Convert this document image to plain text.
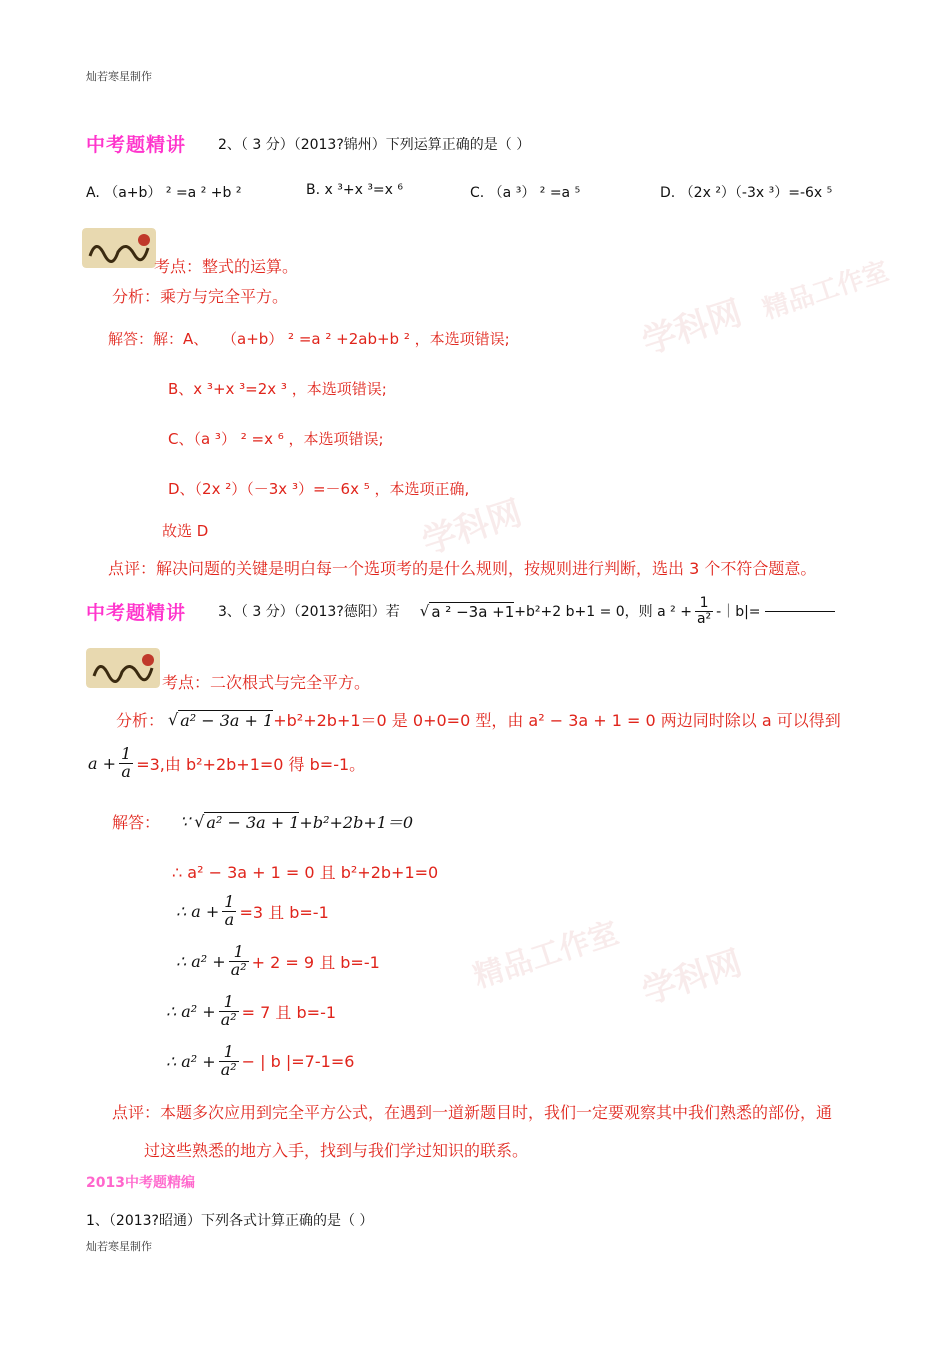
学科网
精品工作室
学科网
精品工作室 学科网
灿若寒星制作
中考题精讲 2、（ 3 分）（2013?锦州）下列运算正确的是（ ）
A. （a+b） ² =a ² +b ²	B. x ³+x ³=x ⁶	C. （a ³） ² =a ⁵	D. （2x ²）（-3x ³）=-6x ⁵
考点：整式的运算。
分析：乘方与完全平方。
解答：解：A、 （a+b） ² =a ² +2ab+b ² ，本选项错误;
B、x ³+x ³=2x ³ ，本选项错误;
C、（a ³） ² =x ⁶ ，本选项错误;
D、（2x ²）（－3x ³）=－6x ⁵ ，本选项正确,
故选 D
点评：解决问题的关键是明白每一个选项考的是什么规则，按规则进行判断，选出 3 个不符合题意。
中考题精讲 3、（ 3 分）（2013?德阳）若 √ a ² −3a +1 +b²+2 b+1 = 0，则 a $^2 + \frac{1}{\text{a²}}$ -｜b|=
考点：二次根式与完全平方。
分析： √ a² − 3a + 1 +b²+2b+1＝0 是 0+0=0 型，由 a² − 3a + 1 = 0 两边同时除以 a 可以得到
$a + \frac{1}{a} =3$,由 b²+2b+1=0 得 b=-1。
解答： ∵ √ a² − 3a + 1 +b²+2b+1＝0
∴ a² − 3a + 1 = 0 且 b²+2b+1=0
∴ $a + \frac{1}{a} =3$ 且 b=-1
∴ $a^2 + \frac{1}{\text{a²}} + 2 = 9$ 且 b=-1
∴ $a^2 + \frac{1}{\text{a²}} = 7$ 且 b=-1
∴ $a^2 + \frac{1}{\text{a²}}$ − | b |=7-1=6
点评：本题多次应用到完全平方公式，在遇到一道新题目时，我们一定要观察其中我们熟悉的部份，通
过这些熟悉的地方入手，找到与我们学过知识的联系。
2013中考题精编
1、（2013?昭通）下列各式计算正确的是（ ）
灿若寒星制作
